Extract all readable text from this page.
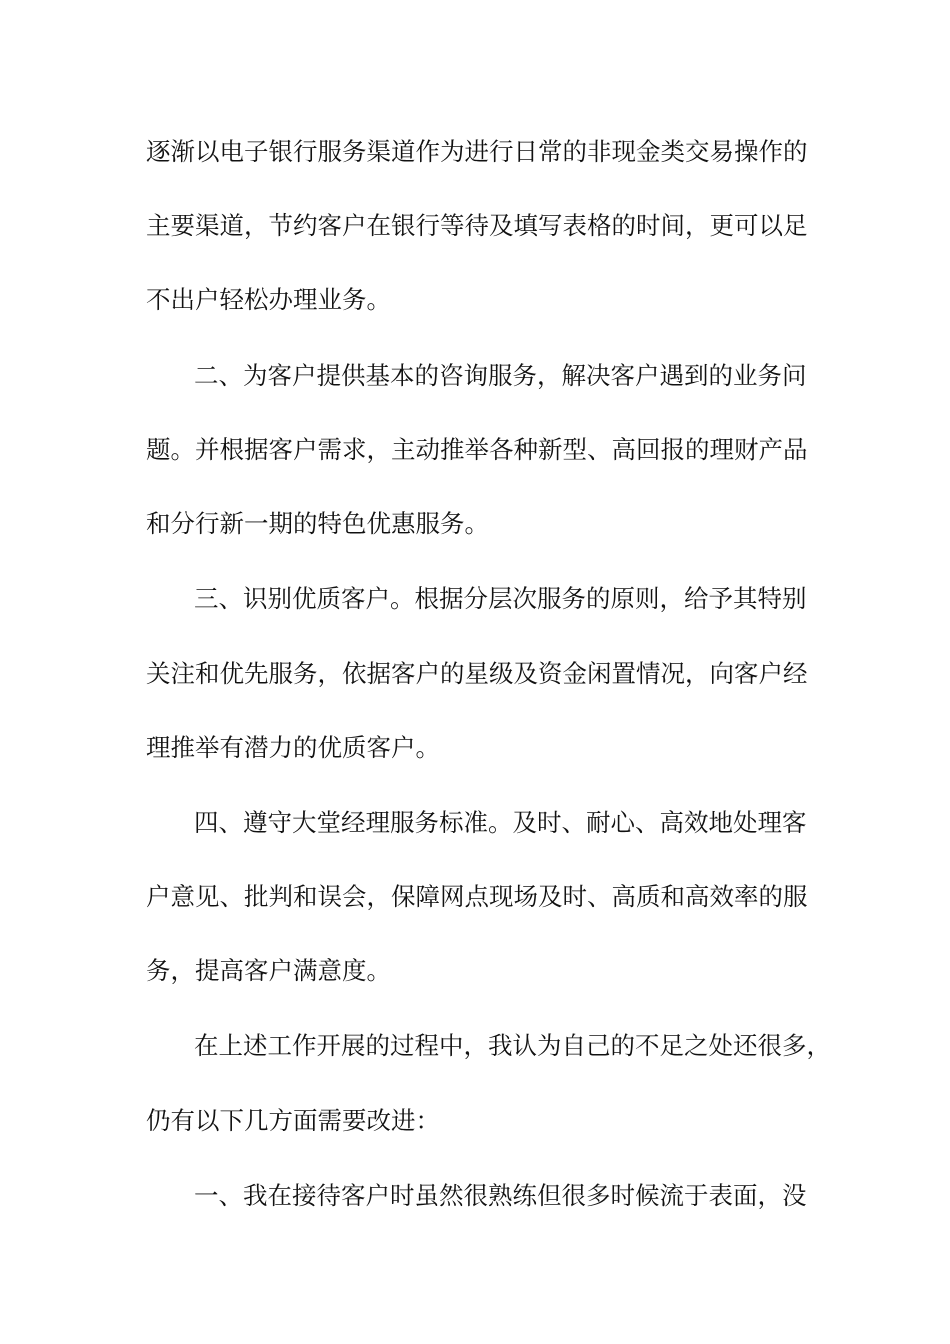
逐渐以电子银行服务渠道作为进行日常的非现金类交易操作的

主要渠道，节约客户在银行等待及填写表格的时间，更可以足

不出户轻松办理业务。

二、为客户提供基本的咨询服务，解决客户遇到的业务问

题。并根据客户需求，主动推举各种新型、高回报的理财产品

和分行新一期的特色优惠服务。

三、识别优质客户。根据分层次服务的原则，给予其特别

关注和优先服务，依据客户的星级及资金闲置情况，向客户经

理推举有潜力的优质客户。

四、遵守大堂经理服务标准。及时、耐心、高效地处理客

户意见、批判和误会，保障网点现场及时、高质和高效率的服

务，提高客户满意度。

在上述工作开展的过程中，我认为自己的不足之处还很多，

仍有以下几方面需要改进：

一、我在接待客户时虽然很熟练但很多时候流于表面，没
